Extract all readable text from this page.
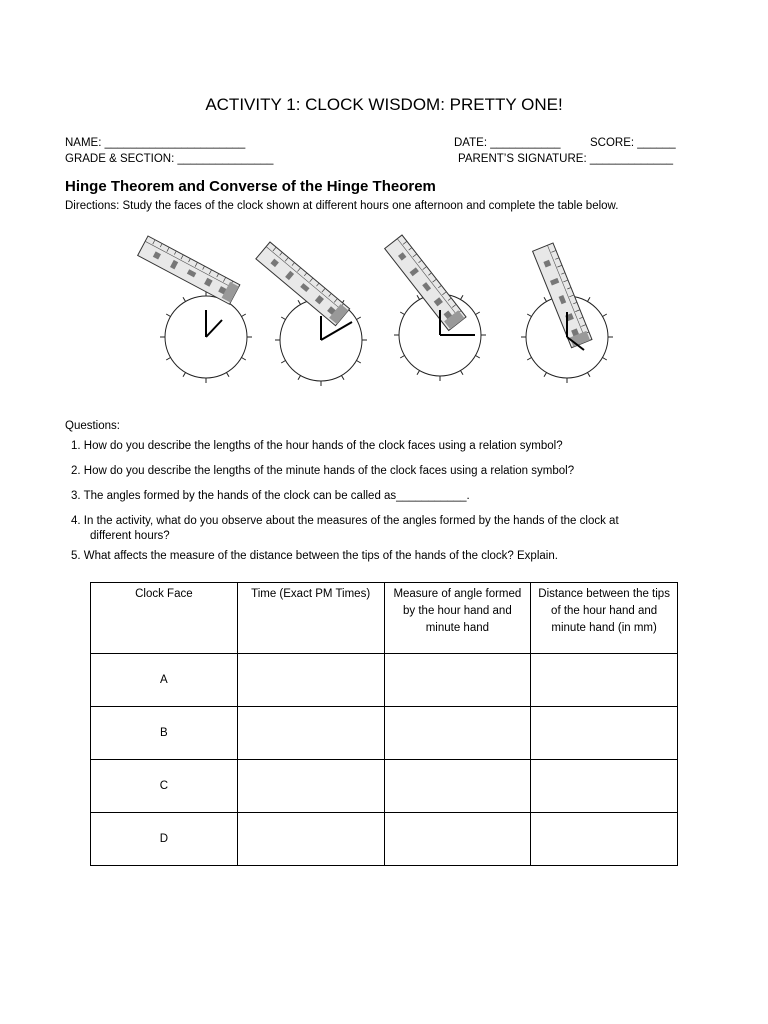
ACTIVITY 1: CLOCK WISDOM: PRETTY ONE!
NAME: ______________________	DATE: ___________	SCORE: ______
GRADE & SECTION: _______________	PARENT’S SIGNATURE: _____________
Hinge Theorem and Converse of the Hinge Theorem
Directions: Study the faces of the clock shown at different hours one afternoon and complete the table below.
Questions:
1. How do you describe the lengths of the hour hands of the clock faces using a relation symbol?
2. How do you describe the lengths of the minute hands of the clock faces using a relation symbol?
3. The angles formed by the hands of the clock can be called as___________.
4. In the activity, what do you observe about the measures of the angles formed by the hands of the clock at
different hours?
5. What affects the measure of the distance between the tips of the hands of the clock? Explain.
Clock Face	Time (Exact PM Times)	Measure of angle formed by the hour hand and minute hand	Distance between the tips of the hour hand and minute hand (in mm)
A			
B			
C			
D			
